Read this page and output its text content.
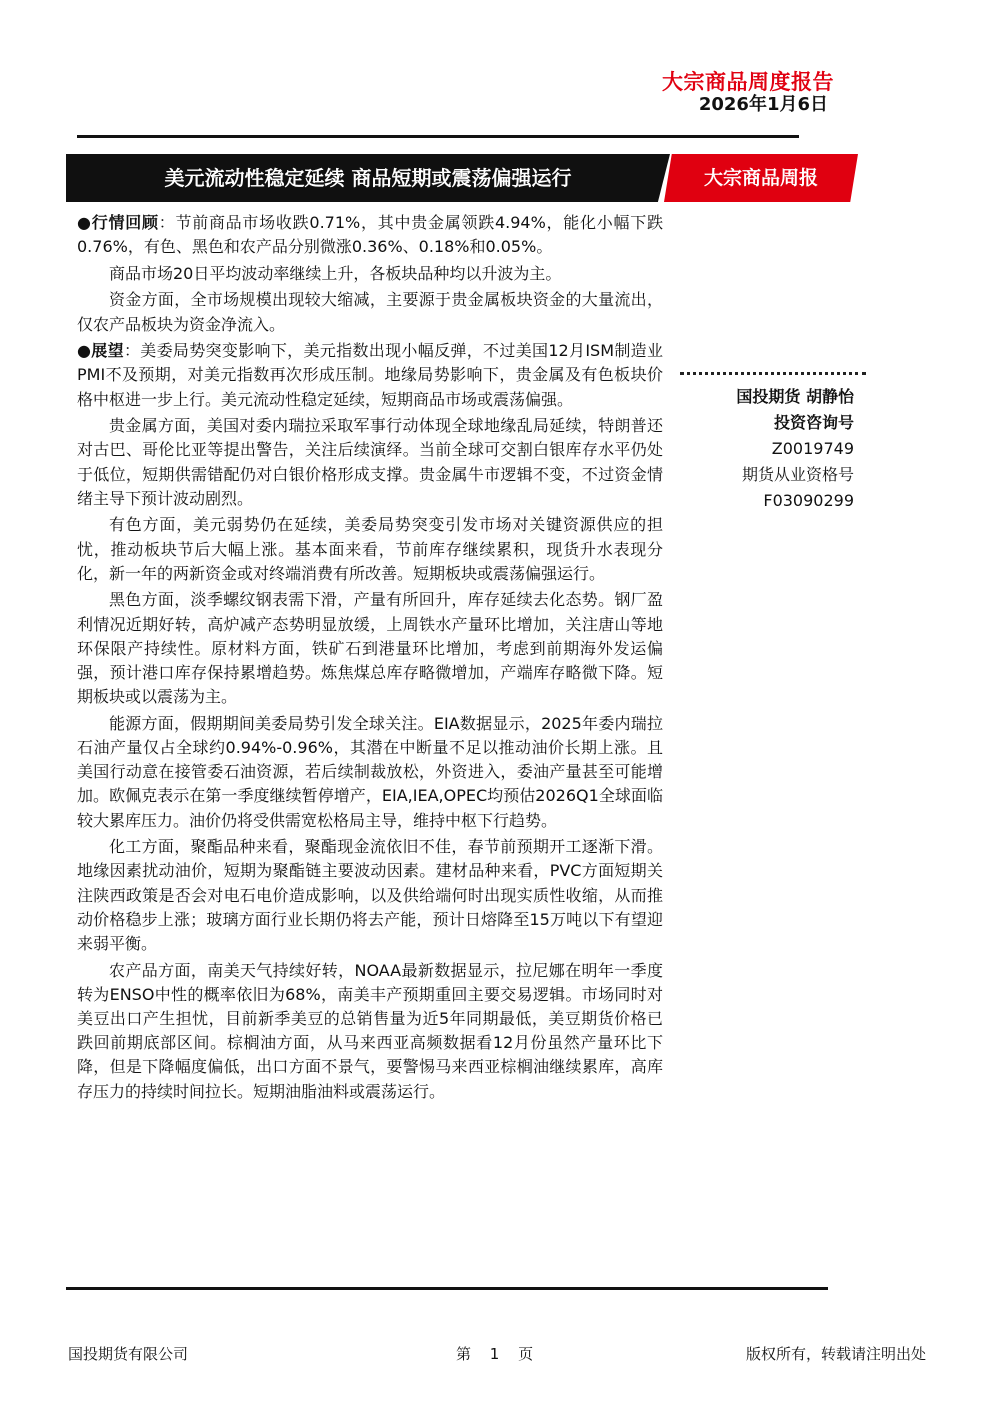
大宗商品周度报告
2026年1月6日
美元流动性稳定延续 商品短期或震荡偏强运行	大宗商品周报

●行情回顾：节前商品市场收跌0.71%，其中贵金属领跌4.94%，能化小幅下跌0.76%，有色、黑色和农产品分别微涨0.36%、0.18%和0.05%。

商品市场20日平均波动率继续上升，各板块品种均以升波为主。

资金方面，全市场规模出现较大缩减，主要源于贵金属板块资金的大量流出，仅农产品板块为资金净流入。

●展望：美委局势突变影响下，美元指数出现小幅反弹，不过美国12月ISM制造业PMI不及预期，对美元指数再次形成压制。地缘局势影响下，贵金属及有色板块价格中枢进一步上行。美元流动性稳定延续，短期商品市场或震荡偏强。

贵金属方面，美国对委内瑞拉采取军事行动体现全球地缘乱局延续，特朗普还对古巴、哥伦比亚等提出警告，关注后续演绎。当前全球可交割白银库存水平仍处于低位，短期供需错配仍对白银价格形成支撑。贵金属牛市逻辑不变，不过资金情绪主导下预计波动剧烈。

有色方面，美元弱势仍在延续，美委局势突变引发市场对关键资源供应的担忧，推动板块节后大幅上涨。基本面来看，节前库存继续累积，现货升水表现分化，新一年的两新资金或对终端消费有所改善。短期板块或震荡偏强运行。

黑色方面，淡季螺纹钢表需下滑，产量有所回升，库存延续去化态势。钢厂盈利情况近期好转，高炉减产态势明显放缓，上周铁水产量环比增加，关注唐山等地环保限产持续性。原材料方面，铁矿石到港量环比增加，考虑到前期海外发运偏强，预计港口库存保持累增趋势。炼焦煤总库存略微增加，产端库存略微下降。短期板块或以震荡为主。

能源方面，假期期间美委局势引发全球关注。EIA数据显示，2025年委内瑞拉石油产量仅占全球约0.94%-0.96%，其潜在中断量不足以推动油价长期上涨。且美国行动意在接管委石油资源，若后续制裁放松，外资进入，委油产量甚至可能增加。欧佩克表示在第一季度继续暂停增产，EIA,IEA,OPEC均预估2026Q1全球面临较大累库压力。油价仍将受供需宽松格局主导，维持中枢下行趋势。

化工方面，聚酯品种来看，聚酯现金流依旧不佳，春节前预期开工逐渐下滑。地缘因素扰动油价，短期为聚酯链主要波动因素。建材品种来看，PVC方面短期关注陕西政策是否会对电石电价造成影响，以及供给端何时出现实质性收缩，从而推动价格稳步上涨；玻璃方面行业长期仍将去产能，预计日熔降至15万吨以下有望迎来弱平衡。

农产品方面，南美天气持续好转，NOAA最新数据显示，拉尼娜在明年一季度转为ENSO中性的概率依旧为68%，南美丰产预期重回主要交易逻辑。市场同时对美豆出口产生担忧，目前新季美豆的总销售量为近5年同期最低，美豆期货价格已跌回前期底部区间。棕榈油方面，从马来西亚高频数据看12月份虽然产量环比下降，但是下降幅度偏低，出口方面不景气，要警惕马来西亚棕榈油继续累库，高库存压力的持续时间拉长。短期油脂油料或震荡运行。

国投期货 胡静怡
投资咨询号
Z0019749
期货从业资格号
F03090299
国投期货有限公司	第 1 页	版权所有，转载请注明出处
